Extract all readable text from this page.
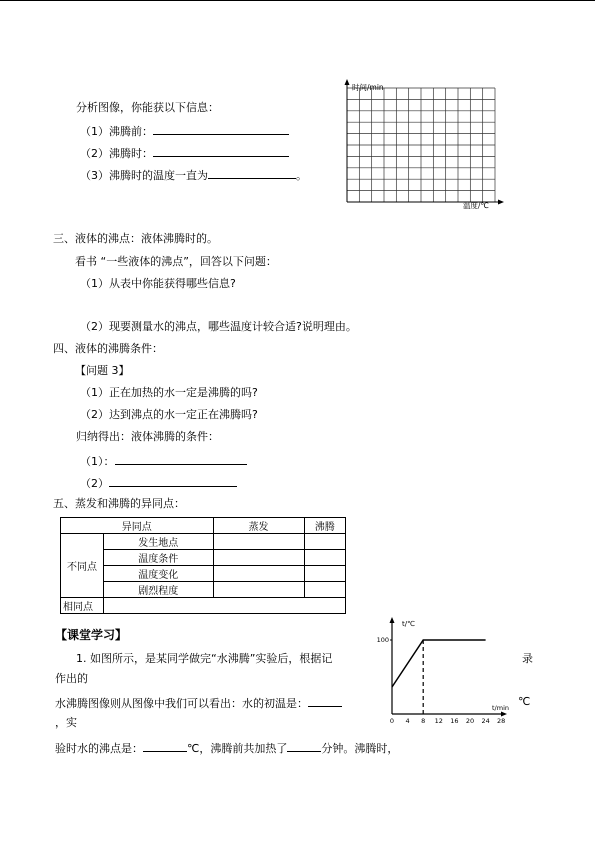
分析图像，你能获以下信息：
（1）沸腾前：
（2）沸腾时：
（3）沸腾时的温度一直为	。
时间/min
温度/℃
三、液体的沸点：液体沸腾时的。
看书 “一些液体的沸点”，回答以下问题：
（1）从表中你能获得哪些信息?
（2）现要测量水的沸点，哪些温度计较合适?说明理由。
四、液体的沸腾条件：
【问题 3】
（1）正在加热的水一定是沸腾的吗?
（2）达到沸点的水一定正在沸腾吗?
归纳得出：液体沸腾的条件：
（1）：
（2）
五、蒸发和沸腾的异同点：
异同点		蒸发	沸腾
不同点	发生地点		
	温度条件		
	温度变化		
	剧烈程度		
相同点			
【课堂学习】
1. 如图所示，是某同学做完“水沸腾”实验后，根据记	录
作出的
水沸腾图像则从图像中我们可以看出：水的初温是：	℃
，实
验时水的沸点是：	℃，沸腾前共加热了	分钟。沸腾时，
t/℃
t/min
0 4 8 12 16 20 24 28
100
